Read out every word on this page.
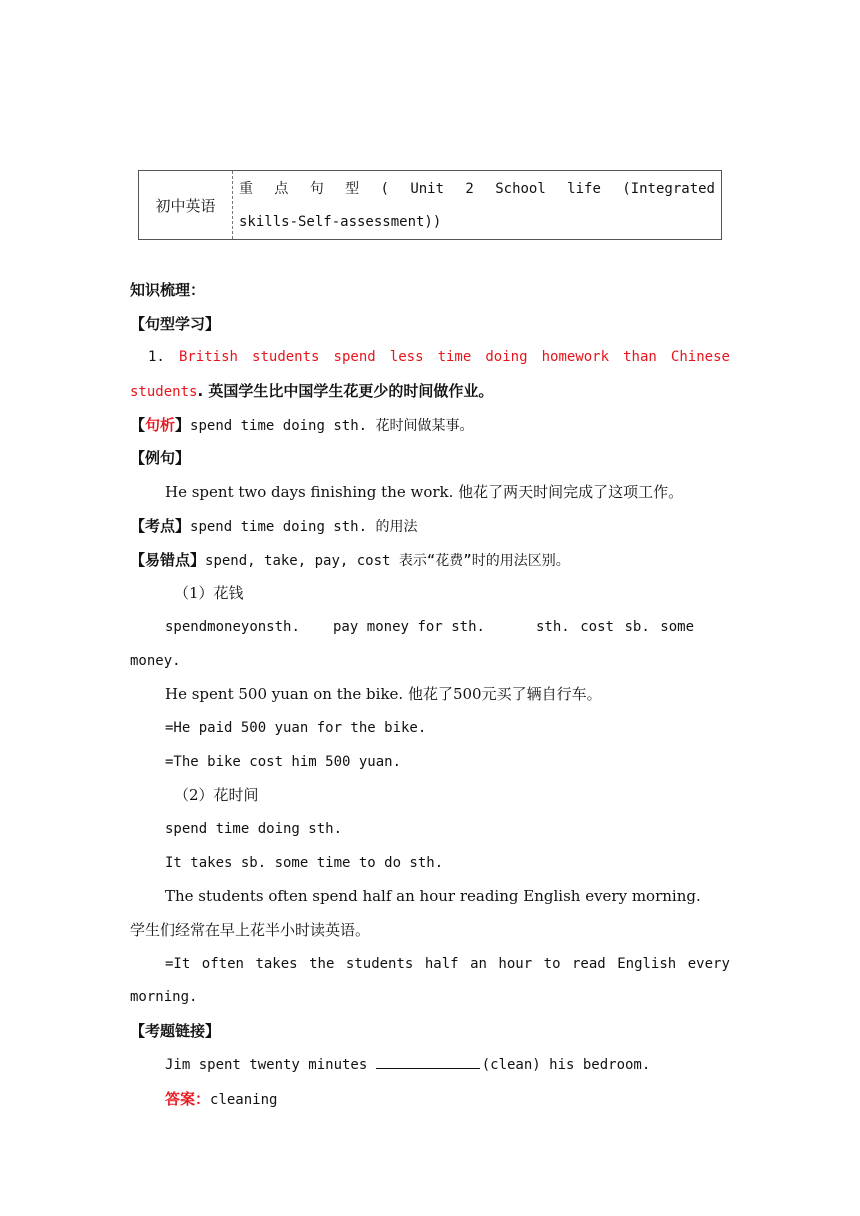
初中英语
重 点 句 型 ( Unit 2 School life (Integrated
skills-Self-assessment))
知识梳理：
【句型学习】
1. British students spend less time doing homework than Chinese
students. 英国学生比中国学生花更少的时间做作业。
【句析】spend time doing sth. 花时间做某事。
【例句】
He spent two days finishing the work. 他花了两天时间完成了这项工作。
【考点】spend time doing sth. 的用法
【易错点】spend, take, pay, cost 表示“花费”时的用法区别。
（1）花钱
spend money on sth. pay money for sth.	sth. cost sb. some
money.
He spent 500 yuan on the bike. 他花了500元买了辆自行车。
=He paid 500 yuan for the bike.
=The bike cost him 500 yuan.
（2）花时间
spend time doing sth.
It takes sb. some time to do sth.
The students often spend half an hour reading English every morning.
学生们经常在早上花半小时读英语。
=It often takes the students half an hour to read English every
morning.
【考题链接】
Jim spent twenty minutes	(clean) his bedroom.
答案：cleaning
